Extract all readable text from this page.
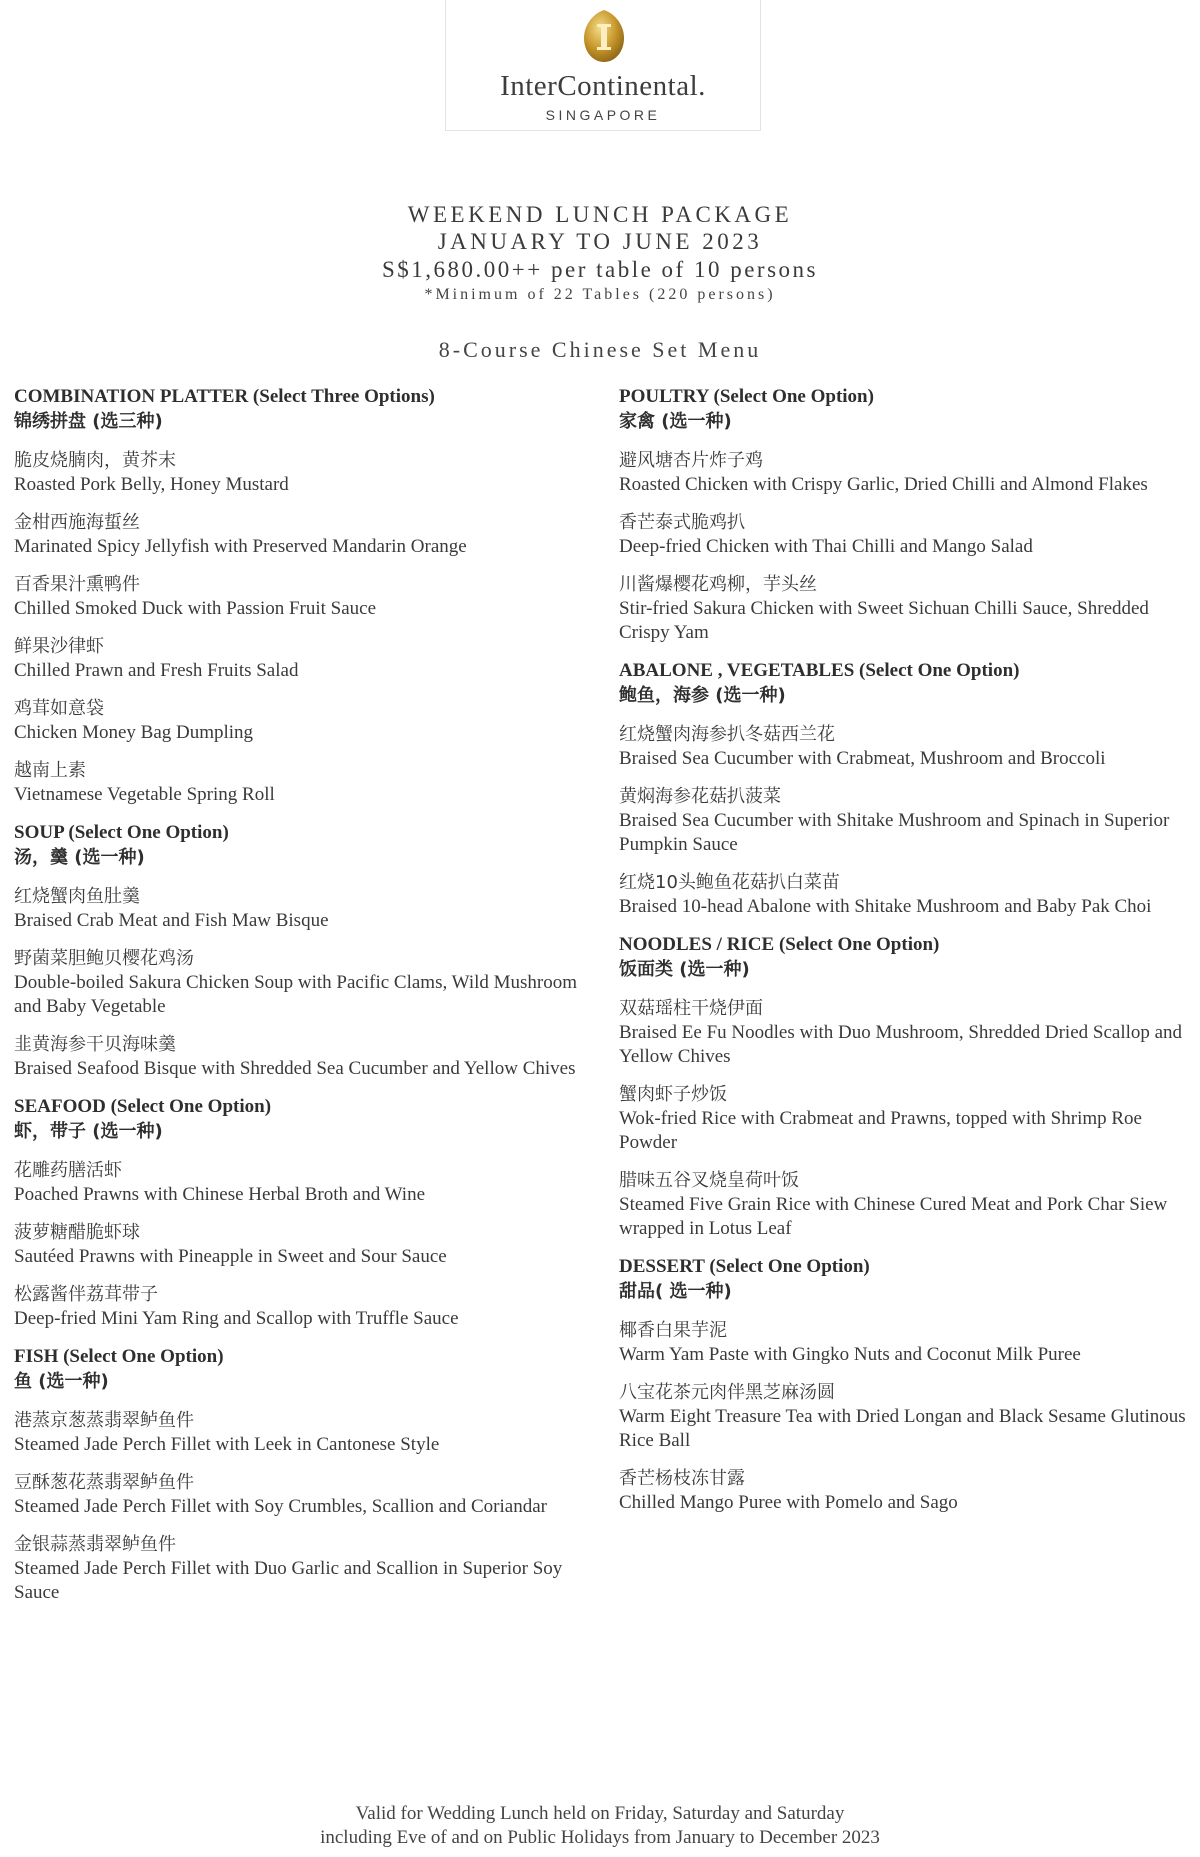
InterContinental.
SINGAPORE
WEEKEND LUNCH PACKAGE
JANUARY TO JUNE 2023
S$1,680.00++ per table of 10 persons
*Minimum of 22 Tables (220 persons)
8-Course Chinese Set Menu
COMBINATION PLATTER (Select Three Options)
锦绣拼盘 (选三种)
脆皮烧腩肉，黄芥末
Roasted Pork Belly, Honey Mustard
金柑西施海蜇丝
Marinated Spicy Jellyfish with Preserved Mandarin Orange
百香果汁熏鸭件
Chilled Smoked Duck with Passion Fruit Sauce
鲜果沙律虾
Chilled Prawn and Fresh Fruits Salad
鸡茸如意袋
Chicken Money Bag Dumpling
越南上素
Vietnamese Vegetable Spring Roll
SOUP (Select One Option)
汤，羹 (选一种)
红烧蟹肉鱼肚羹
Braised Crab Meat and Fish Maw Bisque
野菌菜胆鲍贝樱花鸡汤
Double-boiled Sakura Chicken Soup with Pacific Clams, Wild Mushroom and Baby Vegetable
韭黄海参干贝海味羹
Braised Seafood Bisque with Shredded Sea Cucumber and Yellow Chives
SEAFOOD (Select One Option)
虾，带子 (选一种)
花雕药膳活虾
Poached Prawns with Chinese Herbal Broth and Wine
菠萝糖醋脆虾球
Sautéed Prawns with Pineapple in Sweet and Sour Sauce
松露酱伴荔茸带子
Deep-fried Mini Yam Ring and Scallop with Truffle Sauce
FISH (Select One Option)
鱼 (选一种)
港蒸京葱蒸翡翠鲈鱼件
Steamed Jade Perch Fillet with Leek in Cantonese Style
豆酥葱花蒸翡翠鲈鱼件
Steamed Jade Perch Fillet with Soy Crumbles, Scallion and Coriandar
金银蒜蒸翡翠鲈鱼件
Steamed Jade Perch Fillet with Duo Garlic and Scallion in Superior Soy Sauce
POULTRY (Select One Option)
家禽 (选一种)
避风塘杏片炸子鸡
Roasted Chicken with Crispy Garlic, Dried Chilli and Almond Flakes
香芒泰式脆鸡扒
Deep-fried Chicken with Thai Chilli and Mango Salad
川酱爆樱花鸡柳，芋头丝
Stir-fried Sakura Chicken with Sweet Sichuan Chilli Sauce, Shredded Crispy Yam
ABALONE , VEGETABLES (Select One Option)
鲍鱼，海参 (选一种)
红烧蟹肉海参扒冬菇西兰花
Braised Sea Cucumber with Crabmeat, Mushroom and Broccoli
黄焖海参花菇扒菠菜
Braised Sea Cucumber with Shitake Mushroom and Spinach in Superior Pumpkin Sauce
红烧10头鲍鱼花菇扒白菜苗
Braised 10-head Abalone with Shitake Mushroom and Baby Pak Choi
NOODLES / RICE (Select One Option)
饭面类 (选一种)
双菇瑶柱干烧伊面
Braised Ee Fu Noodles with Duo Mushroom, Shredded Dried Scallop and Yellow Chives
蟹肉虾子炒饭
Wok-fried Rice with Crabmeat and Prawns, topped with Shrimp Roe Powder
腊味五谷叉烧皇荷叶饭
Steamed Five Grain Rice with Chinese Cured Meat and Pork Char Siew wrapped in Lotus Leaf
DESSERT (Select One Option)
甜品( 选一种)
椰香白果芋泥
Warm Yam Paste with Gingko Nuts and Coconut Milk Puree
八宝花茶元肉伴黑芝麻汤圆
Warm Eight Treasure Tea with Dried Longan and Black Sesame Glutinous Rice Ball
香芒杨枝冻甘露
Chilled Mango Puree with Pomelo and Sago
Valid for Wedding Lunch held on Friday, Saturday and Saturday
including Eve of and on Public Holidays from January to December 2023
